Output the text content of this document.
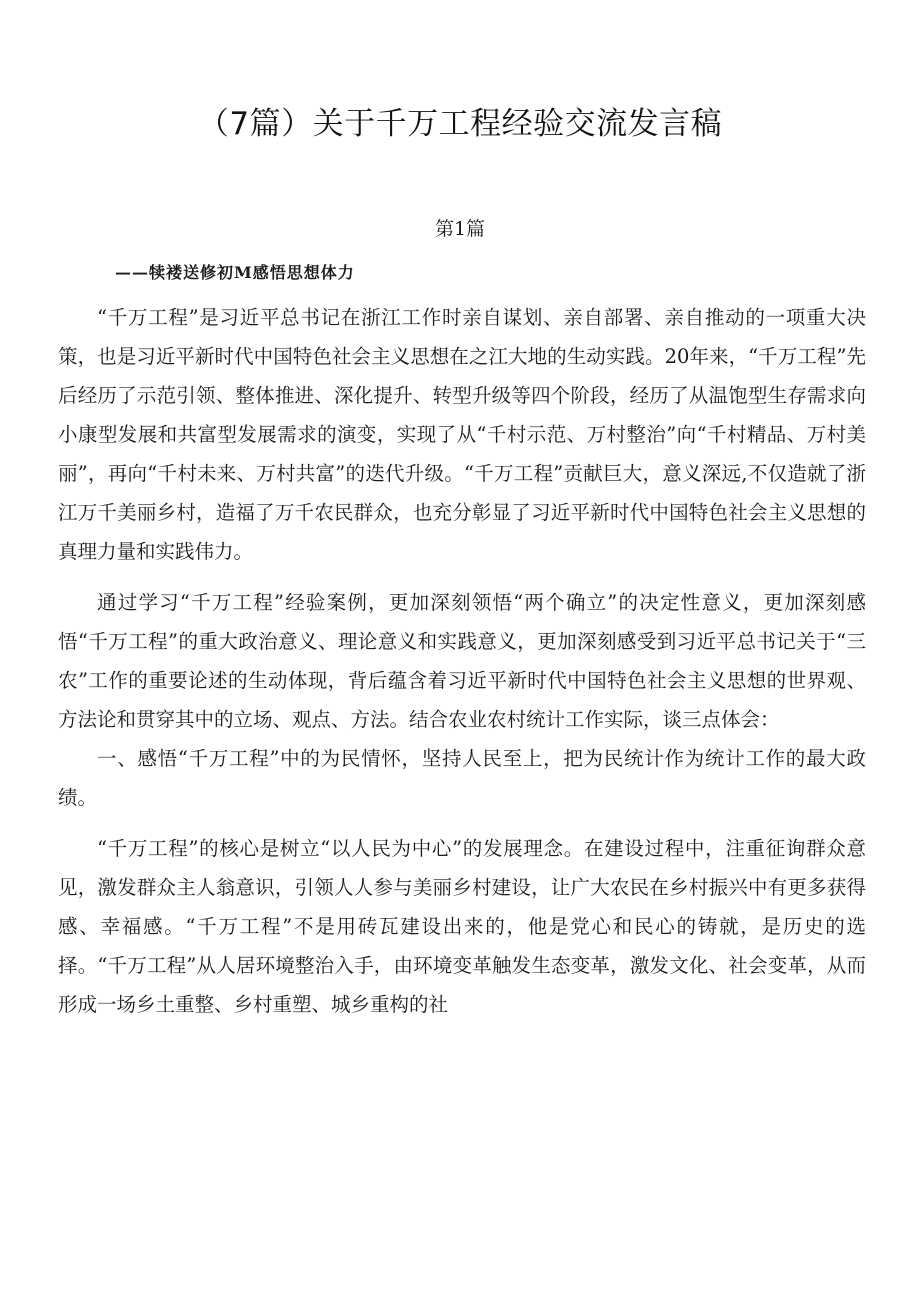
（7篇）关于千万工程经验交流发言稿
第1篇

——犊褛送修初M感悟思想体力

“千万工程”是习近平总书记在浙江工作时亲自谋划、亲自部署、亲自推动的一项重大决策，也是习近平新时代中国特色社会主义思想在之江大地的生动实践。20年来，“千万工程”先后经历了示范引领、整体推进、深化提升、转型升级等四个阶段，经历了从温饱型生存需求向小康型发展和共富型发展需求的演变，实现了从“千村示范、万村整治”向“千村精品、万村美丽”，再向“千村未来、万村共富”的迭代升级。“千万工程”贡献巨大，意义深远,不仅造就了浙江万千美丽乡村，造福了万千农民群众，也充分彰显了习近平新时代中国特色社会主义思想的真理力量和实践伟力。

通过学习“千万工程”经验案例，更加深刻领悟“两个确立”的决定性意义，更加深刻感悟“千万工程”的重大政治意义、理论意义和实践意义，更加深刻感受到习近平总书记关于“三农”工作的重要论述的生动体现，背后蕴含着习近平新时代中国特色社会主义思想的世界观、方法论和贯穿其中的立场、观点、方法。结合农业农村统计工作实际，谈三点体会：

一、感悟“千万工程”中的为民情怀，坚持人民至上，把为民统计作为统计工作的最大政绩。

“千万工程”的核心是树立“以人民为中心”的发展理念。在建设过程中，注重征询群众意见，激发群众主人翁意识，引领人人参与美丽乡村建设，让广大农民在乡村振兴中有更多获得感、幸福感。“千万工程”不是用砖瓦建设出来的，他是党心和民心的铸就，是历史的选择。“千万工程”从人居环境整治入手，由环境变革触发生态变革，激发文化、社会变革，从而形成一场乡土重整、乡村重塑、城乡重构的社
